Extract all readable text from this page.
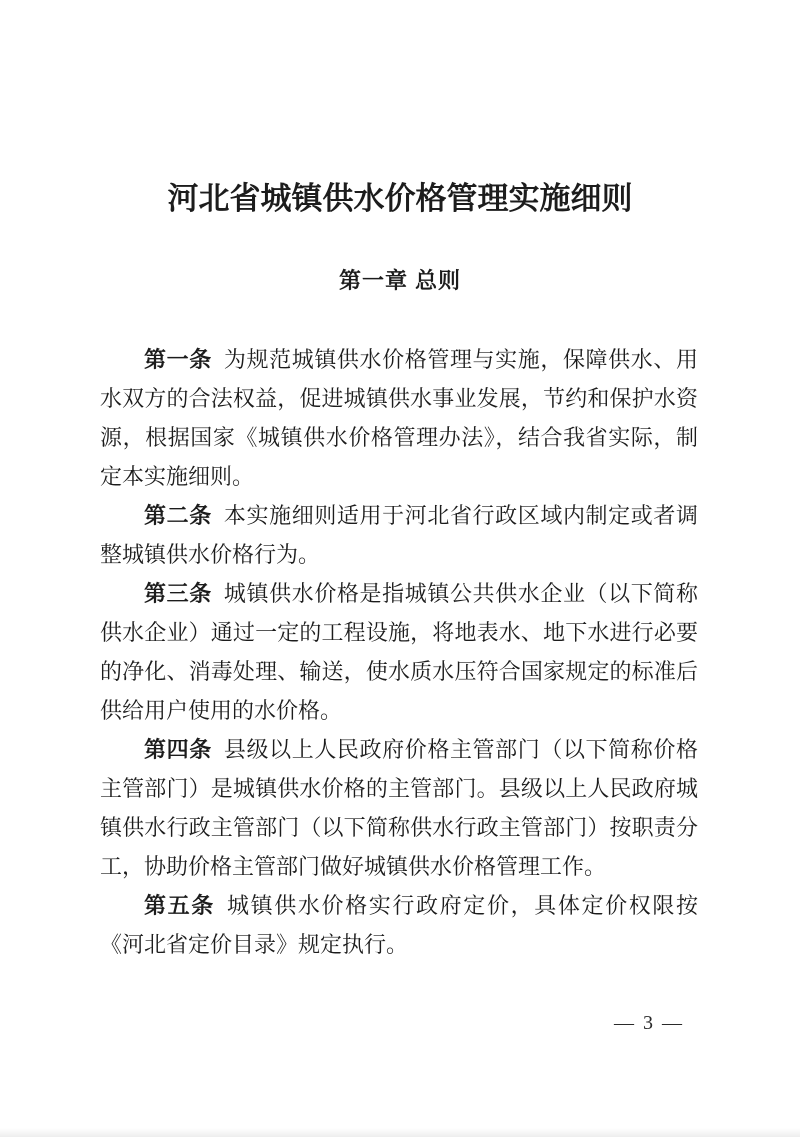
河北省城镇供水价格管理实施细则
第一章 总则

第一条 为规范城镇供水价格管理与实施，保障供水、用水双方的合法权益，促进城镇供水事业发展，节约和保护水资源，根据国家《城镇供水价格管理办法》，结合我省实际，制定本实施细则。

第二条 本实施细则适用于河北省行政区域内制定或者调整城镇供水价格行为。

第三条 城镇供水价格是指城镇公共供水企业（以下简称供水企业）通过一定的工程设施，将地表水、地下水进行必要的净化、消毒处理、输送，使水质水压符合国家规定的标准后供给用户使用的水价格。

第四条 县级以上人民政府价格主管部门（以下简称价格主管部门）是城镇供水价格的主管部门。县级以上人民政府城镇供水行政主管部门（以下简称供水行政主管部门）按职责分工，协助价格主管部门做好城镇供水价格管理工作。

第五条 城镇供水价格实行政府定价，具体定价权限按《河北省定价目录》规定执行。

— 3 —
